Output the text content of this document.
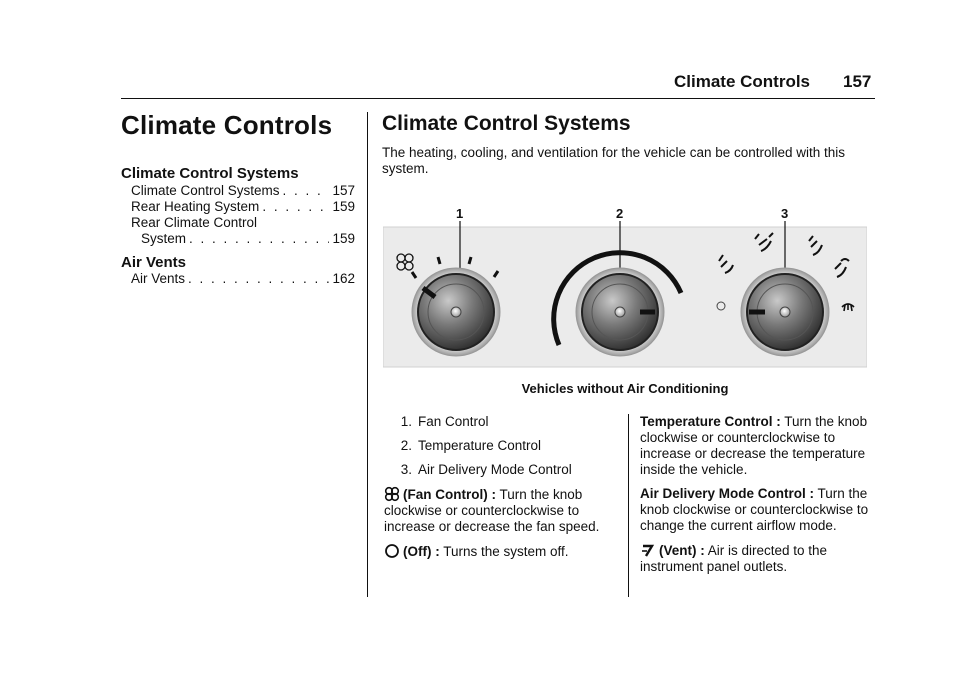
Climate Controls 157
Climate Controls
Climate Control Systems
Climate Control Systems . . .	157
Rear Heating System . . .	159
Rear Climate Control
System . . .	159
Air Vents
Air Vents . . .	162
Climate Control Systems
The heating, cooling, and ventilation for the vehicle can be controlled with this system.
1	2	3
Vehicles without Air Conditioning
1. Fan Control
2. Temperature Control
3. Air Delivery Mode Control
(Fan Control) : Turn the knob clockwise or counterclockwise to increase or decrease the fan speed.
(Off) : Turns the system off.
Temperature Control : Turn the knob clockwise or counterclockwise to increase or decrease the temperature inside the vehicle.
Air Delivery Mode Control : Turn the knob clockwise or counterclockwise to change the current airflow mode.
(Vent) : Air is directed to the instrument panel outlets.
